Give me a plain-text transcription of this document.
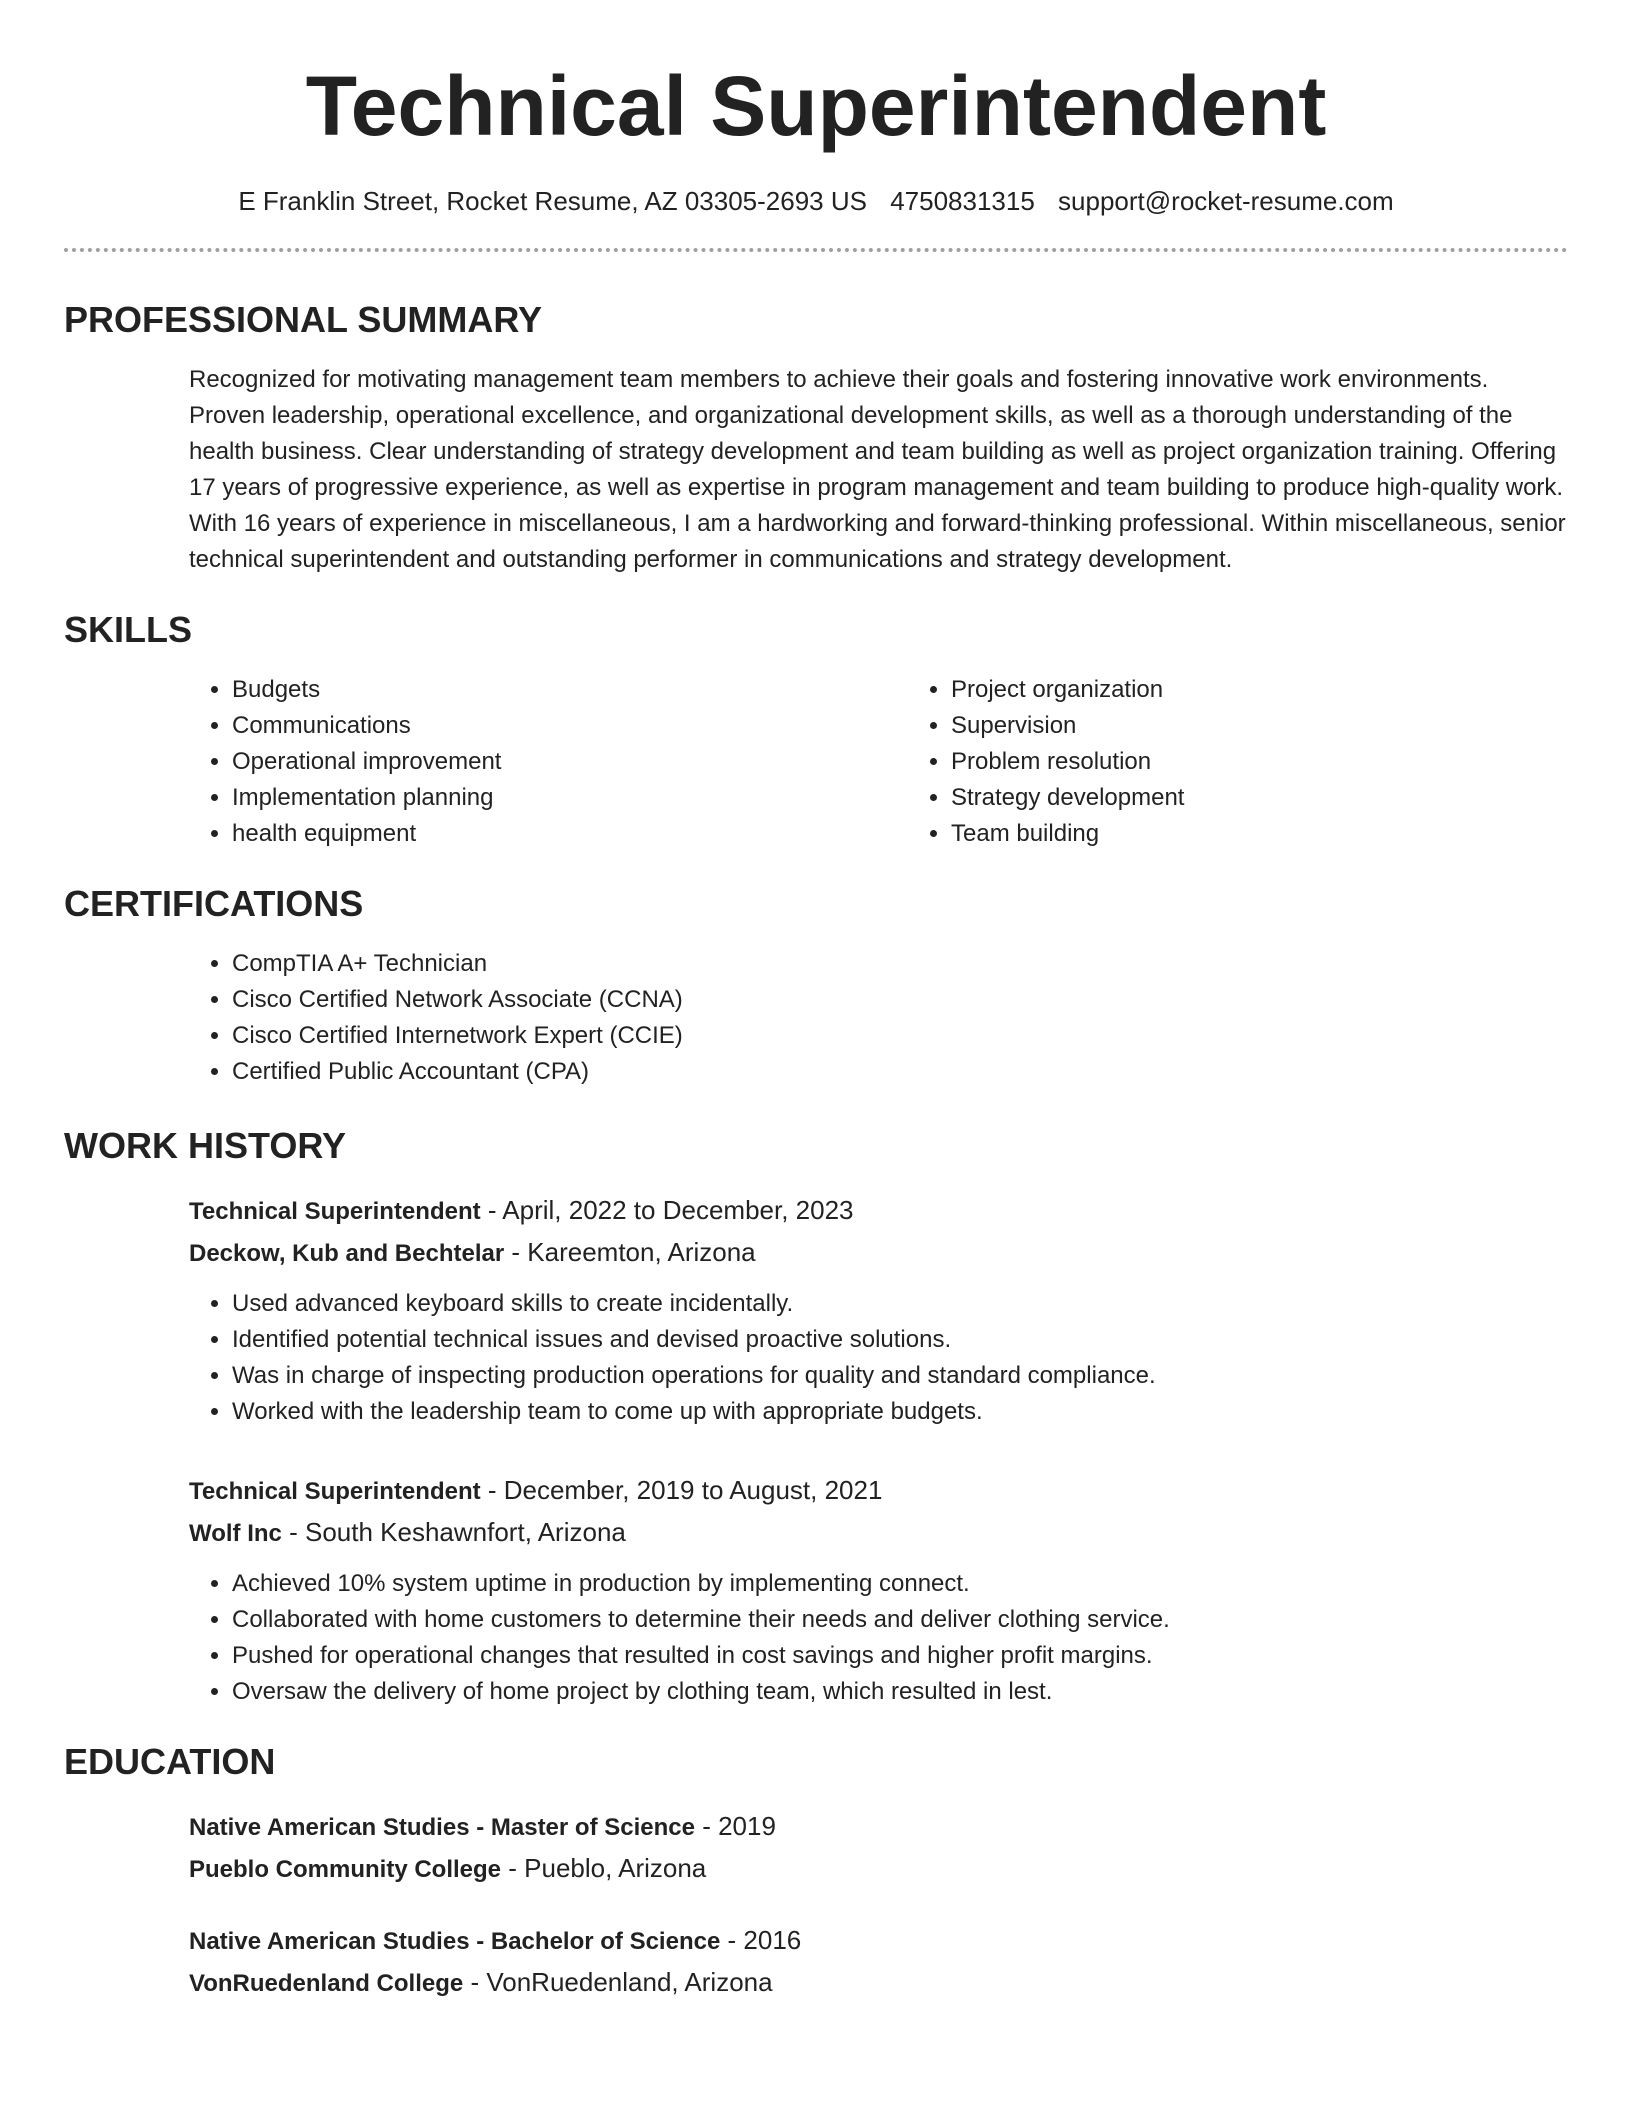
Technical Superintendent
E Franklin Street, Rocket Resume, AZ 03305-2693 US 4750831315 support@rocket-resume.com
PROFESSIONAL SUMMARY
Recognized for motivating management team members to achieve their goals and fostering innovative work environments. Proven leadership, operational excellence, and organizational development skills, as well as a thorough understanding of the health business. Clear understanding of strategy development and team building as well as project organization training. Offering 17 years of progressive experience, as well as expertise in program management and team building to produce high-quality work. With 16 years of experience in miscellaneous, I am a hardworking and forward-thinking professional. Within miscellaneous, senior technical superintendent and outstanding performer in communications and strategy development.
SKILLS
• Budgets
• Communications
• Operational improvement
• Implementation planning
• health equipment
• Project organization
• Supervision
• Problem resolution
• Strategy development
• Team building
CERTIFICATIONS
• CompTIA A+ Technician
• Cisco Certified Network Associate (CCNA)
• Cisco Certified Internetwork Expert (CCIE)
• Certified Public Accountant (CPA)
WORK HISTORY
Technical Superintendent - April, 2022 to December, 2023
Deckow, Kub and Bechtelar - Kareemton, Arizona
• Used advanced keyboard skills to create incidentally.
• Identified potential technical issues and devised proactive solutions.
• Was in charge of inspecting production operations for quality and standard compliance.
• Worked with the leadership team to come up with appropriate budgets.
Technical Superintendent - December, 2019 to August, 2021
Wolf Inc - South Keshawnfort, Arizona
• Achieved 10% system uptime in production by implementing connect.
• Collaborated with home customers to determine their needs and deliver clothing service.
• Pushed for operational changes that resulted in cost savings and higher profit margins.
• Oversaw the delivery of home project by clothing team, which resulted in lest.
EDUCATION
Native American Studies - Master of Science - 2019
Pueblo Community College - Pueblo, Arizona
Native American Studies - Bachelor of Science - 2016
VonRuedenland College - VonRuedenland, Arizona
